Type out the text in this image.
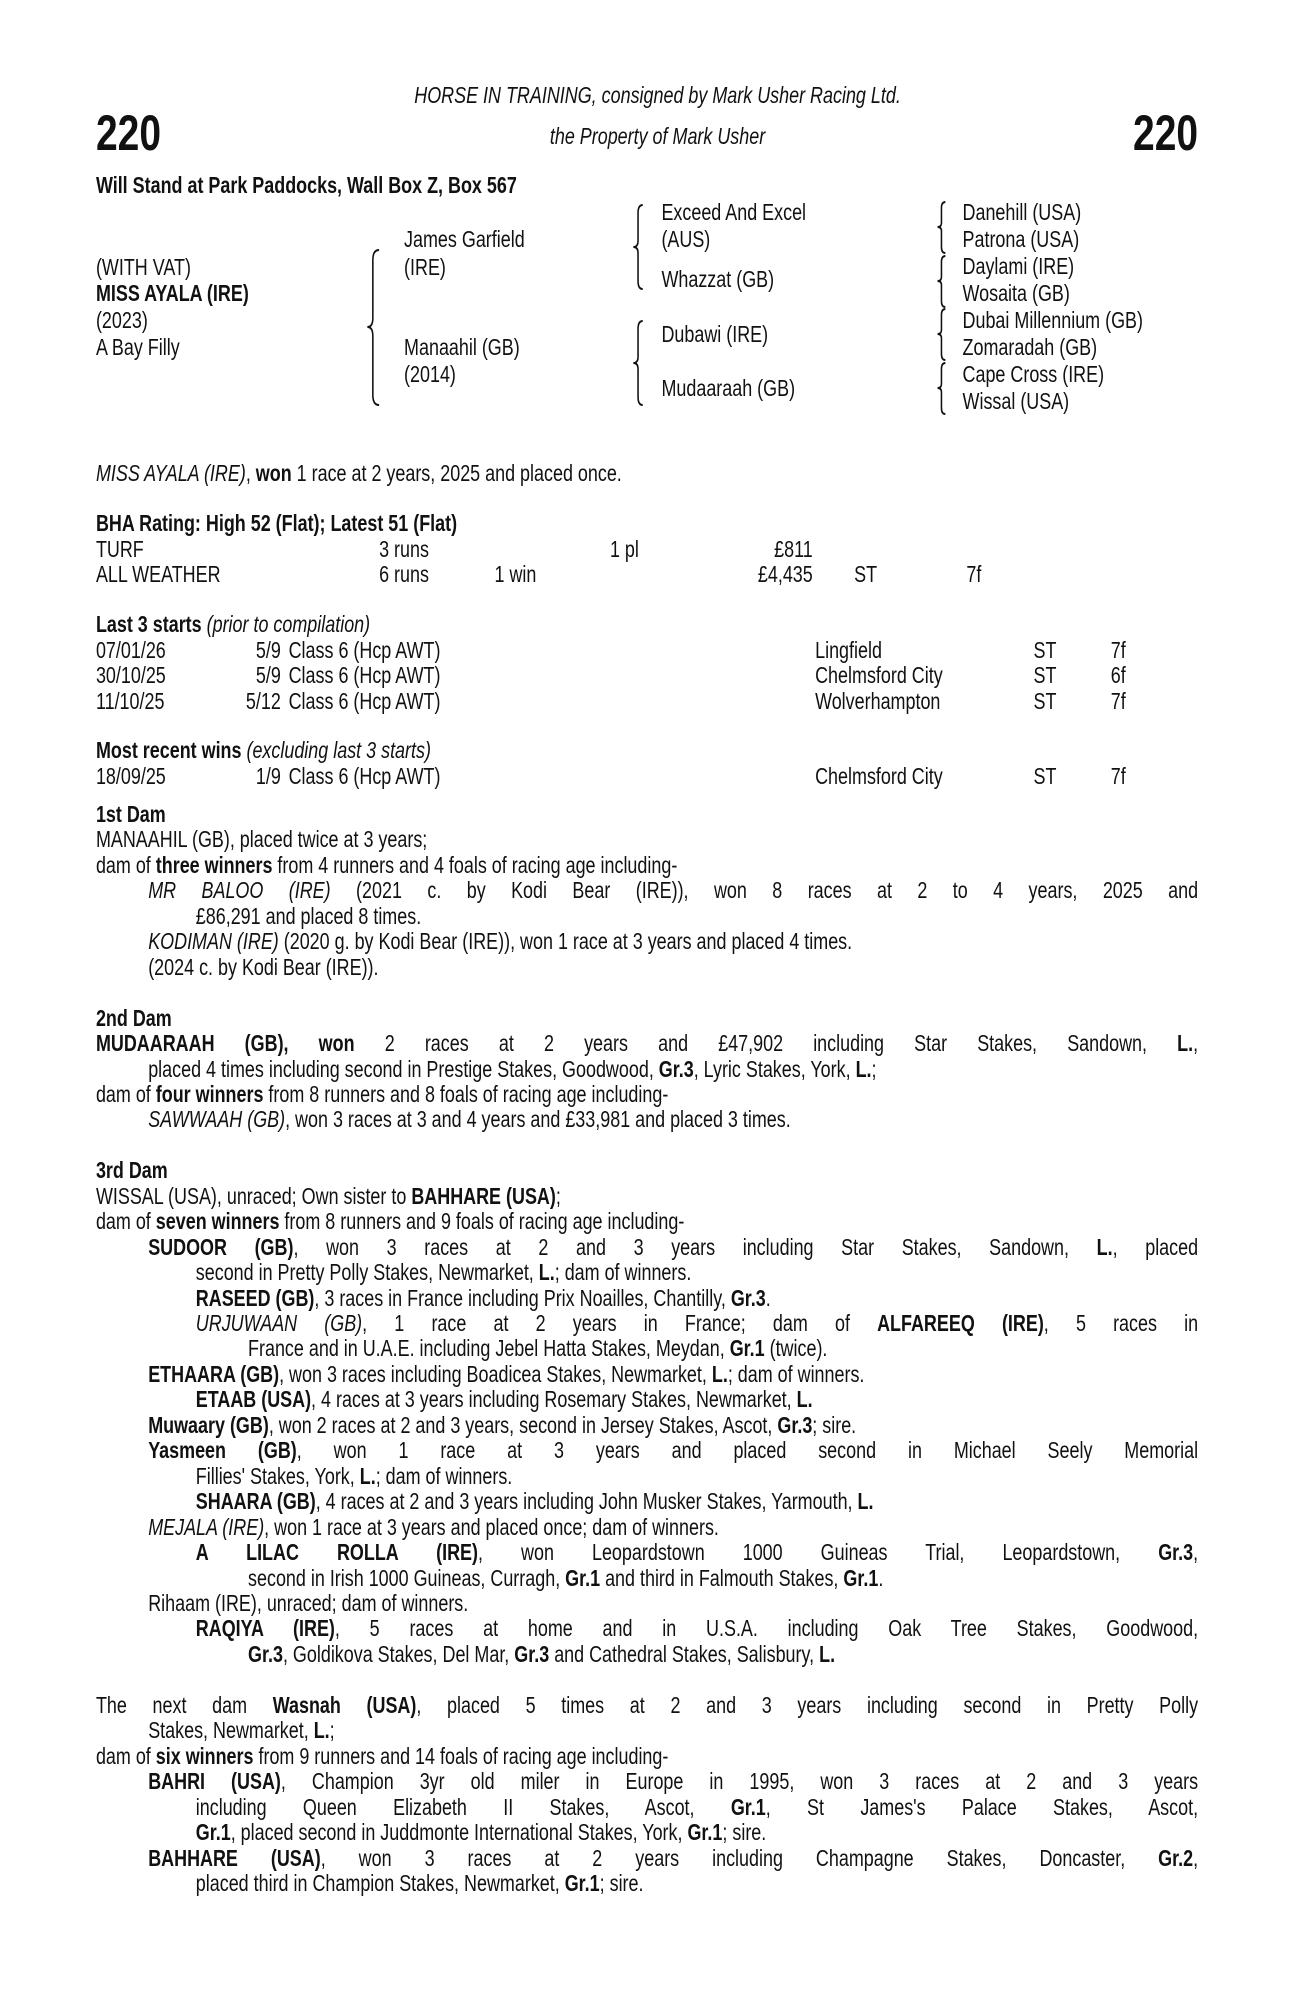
HORSE IN TRAINING, consigned by Mark Usher Racing Ltd.
220	the Property of Mark Usher	220
Will Stand at Park Paddocks, Wall Box Z, Box 567
(WITH VAT)
MISS AYALA (IRE)
(2023)
A Bay Filly
James Garfield
(IRE)
Manaahil (GB)
(2014)
Exceed And Excel
(AUS)
Whazzat (GB)
Dubawi (IRE)
Mudaaraah (GB)
Danehill (USA)
Patrona (USA)
Daylami (IRE)
Wosaita (GB)
Dubai Millennium (GB)
Zomaradah (GB)
Cape Cross (IRE)
Wissal (USA)
MISS AYALA (IRE), won 1 race at 2 years, 2025 and placed once.
BHA Rating: High 52 (Flat); Latest 51 (Flat)
TURF	3 runs	1 pl	£811
ALL WEATHER	6 runs	1 win	£4,435 ST	7f
Last 3 starts (prior to compilation)
07/01/26	5/9 Class 6 (Hcp AWT)	Lingfield	ST 7f
30/10/25	5/9 Class 6 (Hcp AWT)	Chelmsford City	ST 6f
11/10/25	5/12 Class 6 (Hcp AWT)	Wolverhampton	ST 7f
Most recent wins (excluding last 3 starts)
18/09/25	1/9 Class 6 (Hcp AWT)	Chelmsford City	ST 7f
1st Dam
MANAAHIL (GB), placed twice at 3 years;
dam of three winners from 4 runners and 4 foals of racing age including-
MR BALOO (IRE) (2021 c. by Kodi Bear (IRE)), won 8 races at 2 to 4 years, 2025 and
£86,291 and placed 8 times.
KODIMAN (IRE) (2020 g. by Kodi Bear (IRE)), won 1 race at 3 years and placed 4 times.
(2024 c. by Kodi Bear (IRE)).
2nd Dam
MUDAARAAH (GB), won 2 races at 2 years and £47,902 including Star Stakes, Sandown, L.,
placed 4 times including second in Prestige Stakes, Goodwood, Gr.3, Lyric Stakes, York, L.;
dam of four winners from 8 runners and 8 foals of racing age including-
SAWWAAH (GB), won 3 races at 3 and 4 years and £33,981 and placed 3 times.
3rd Dam
WISSAL (USA), unraced; Own sister to BAHHARE (USA);
dam of seven winners from 8 runners and 9 foals of racing age including-
SUDOOR (GB), won 3 races at 2 and 3 years including Star Stakes, Sandown, L., placed
second in Pretty Polly Stakes, Newmarket, L.; dam of winners.
RASEED (GB), 3 races in France including Prix Noailles, Chantilly, Gr.3.
URJUWAAN (GB), 1 race at 2 years in France; dam of ALFAREEQ (IRE), 5 races in
France and in U.A.E. including Jebel Hatta Stakes, Meydan, Gr.1 (twice).
ETHAARA (GB), won 3 races including Boadicea Stakes, Newmarket, L.; dam of winners.
ETAAB (USA), 4 races at 3 years including Rosemary Stakes, Newmarket, L.
Muwaary (GB), won 2 races at 2 and 3 years, second in Jersey Stakes, Ascot, Gr.3; sire.
Yasmeen (GB), won 1 race at 3 years and placed second in Michael Seely Memorial
Fillies' Stakes, York, L.; dam of winners.
SHAARA (GB), 4 races at 2 and 3 years including John Musker Stakes, Yarmouth, L.
MEJALA (IRE), won 1 race at 3 years and placed once; dam of winners.
A LILAC ROLLA (IRE), won Leopardstown 1000 Guineas Trial, Leopardstown, Gr.3,
second in Irish 1000 Guineas, Curragh, Gr.1 and third in Falmouth Stakes, Gr.1.
Rihaam (IRE), unraced; dam of winners.
RAQIYA (IRE), 5 races at home and in U.S.A. including Oak Tree Stakes, Goodwood,
Gr.3, Goldikova Stakes, Del Mar, Gr.3 and Cathedral Stakes, Salisbury, L.
The next dam Wasnah (USA), placed 5 times at 2 and 3 years including second in Pretty Polly
Stakes, Newmarket, L.;
dam of six winners from 9 runners and 14 foals of racing age including-
BAHRI (USA), Champion 3yr old miler in Europe in 1995, won 3 races at 2 and 3 years
including Queen Elizabeth II Stakes, Ascot, Gr.1, St James's Palace Stakes, Ascot,
Gr.1, placed second in Juddmonte International Stakes, York, Gr.1; sire.
BAHHARE (USA), won 3 races at 2 years including Champagne Stakes, Doncaster, Gr.2,
placed third in Champion Stakes, Newmarket, Gr.1; sire.
